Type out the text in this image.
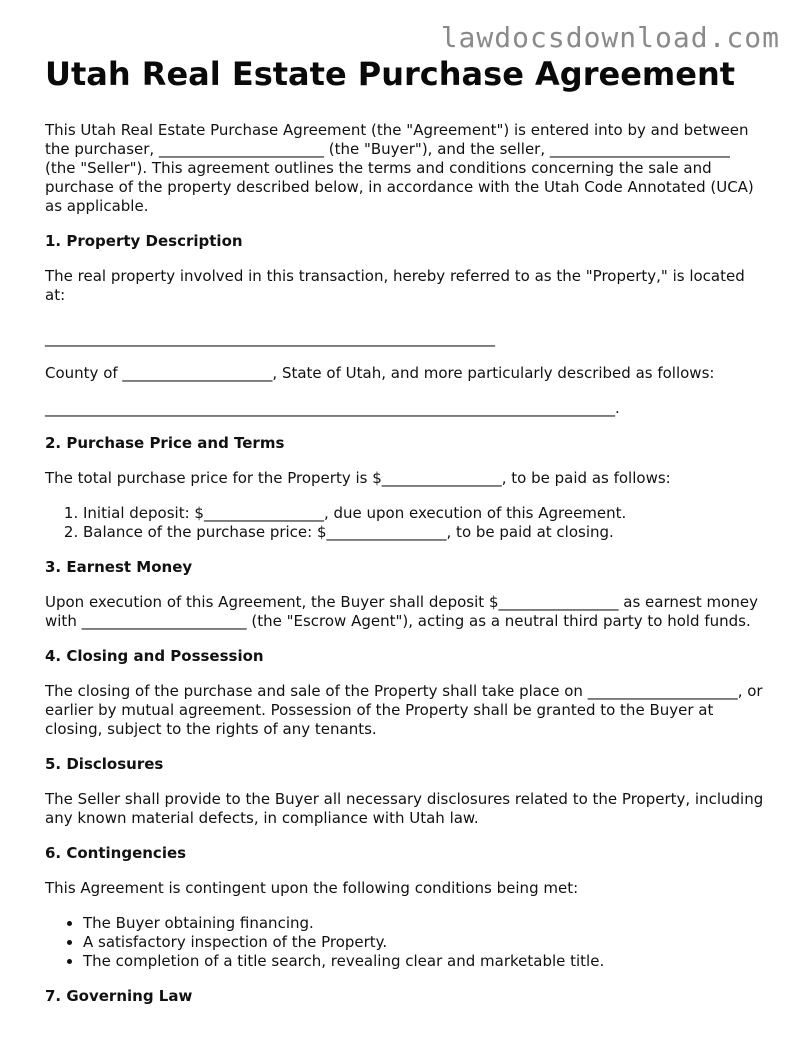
lawdocsdownload.com
Utah Real Estate Purchase Agreement

This Utah Real Estate Purchase Agreement (the "Agreement") is entered into by and between the purchaser, ______________________ (the "Buyer"), and the seller, ________________________ (the "Seller"). This agreement outlines the terms and conditions concerning the sale and purchase of the property described below, in accordance with the Utah Code Annotated (UCA) as applicable.

1. Property Description

The real property involved in this transaction, hereby referred to as the "Property," is located at:

____________________________________________________________

County of ____________________, State of Utah, and more particularly described as follows:

____________________________________________________________________________.

2. Purchase Price and Terms

The total purchase price for the Property is $________________, to be paid as follows:

1. Initial deposit: $________________, due upon execution of this Agreement.
2. Balance of the purchase price: $________________, to be paid at closing.
3. Earnest Money

Upon execution of this Agreement, the Buyer shall deposit $________________ as earnest money with ______________________ (the "Escrow Agent"), acting as a neutral third party to hold funds.

4. Closing and Possession

The closing of the purchase and sale of the Property shall take place on ____________________, or earlier by mutual agreement. Possession of the Property shall be granted to the Buyer at closing, subject to the rights of any tenants.

5. Disclosures

The Seller shall provide to the Buyer all necessary disclosures related to the Property, including any known material defects, in compliance with Utah law.

6. Contingencies

This Agreement is contingent upon the following conditions being met:

• The Buyer obtaining financing.
• A satisfactory inspection of the Property.
• The completion of a title search, revealing clear and marketable title.
7. Governing Law
